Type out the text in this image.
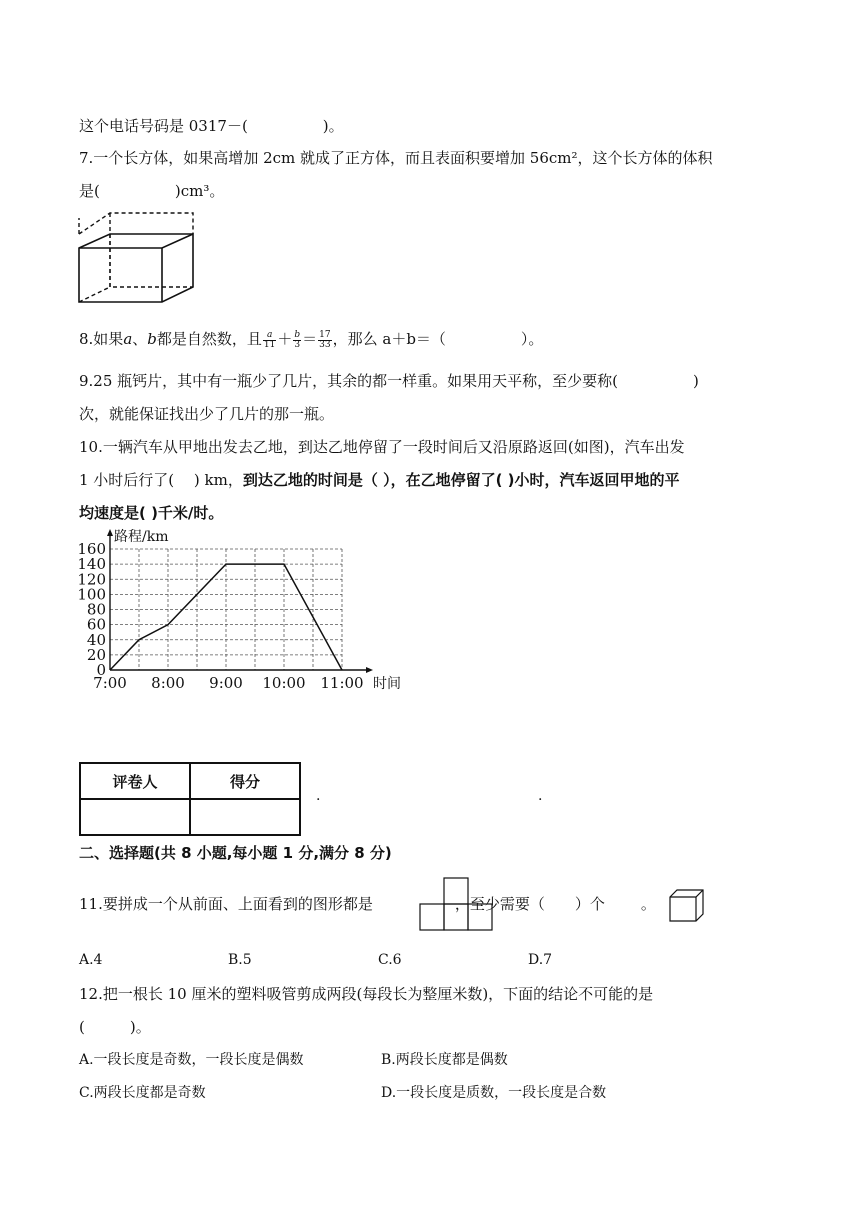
这个电话号码是 0317－(　　　　　)。
7.一个长方体，如果高增加 2cm 就成了正方体，而且表面积要增加 56cm²，这个长方体的体积
是(　　　　　)cm³。
8.如果a、b都是自然数，且 $\frac{a}{11} + \frac{b}{3} = \frac{17}{33}$ ，那么 a＋b＝（　　　　　）。
9.25 瓶钙片，其中有一瓶少了几片，其余的都一样重。如果用天平称，至少要称(　　　　　)
次，就能保证找出少了几片的那一瓶。
10.一辆汽车从甲地出发去乙地，到达乙地停留了一段时间后又沿原路返回(如图)，汽车出发
1 小时后行了(　 ) km，到达乙地的时间是（ ），在乙地停留了( )小时，汽车返回甲地的平
均速度是( )千米/时。
0
20
40
60
80
100
120
140
160
7:00 8:00 9:00 10:00 11:00
路程/km
时间
评卷人	得分

.	.
二、选择题(共 8 小题,每小题 1 分,满分 8 分)
11.要拼成一个从前面、上面看到的图形都是	，至少需要（　　）个 。
A.4	B.5	C.6	D.7
12.把一根长 10 厘米的塑料吸管剪成两段(每段长为整厘米数)，下面的结论不可能的是
(　　　)。
A.一段长度是奇数，一段长度是偶数	B.两段长度都是偶数
C.两段长度都是奇数	D.一段长度是质数，一段长度是合数
